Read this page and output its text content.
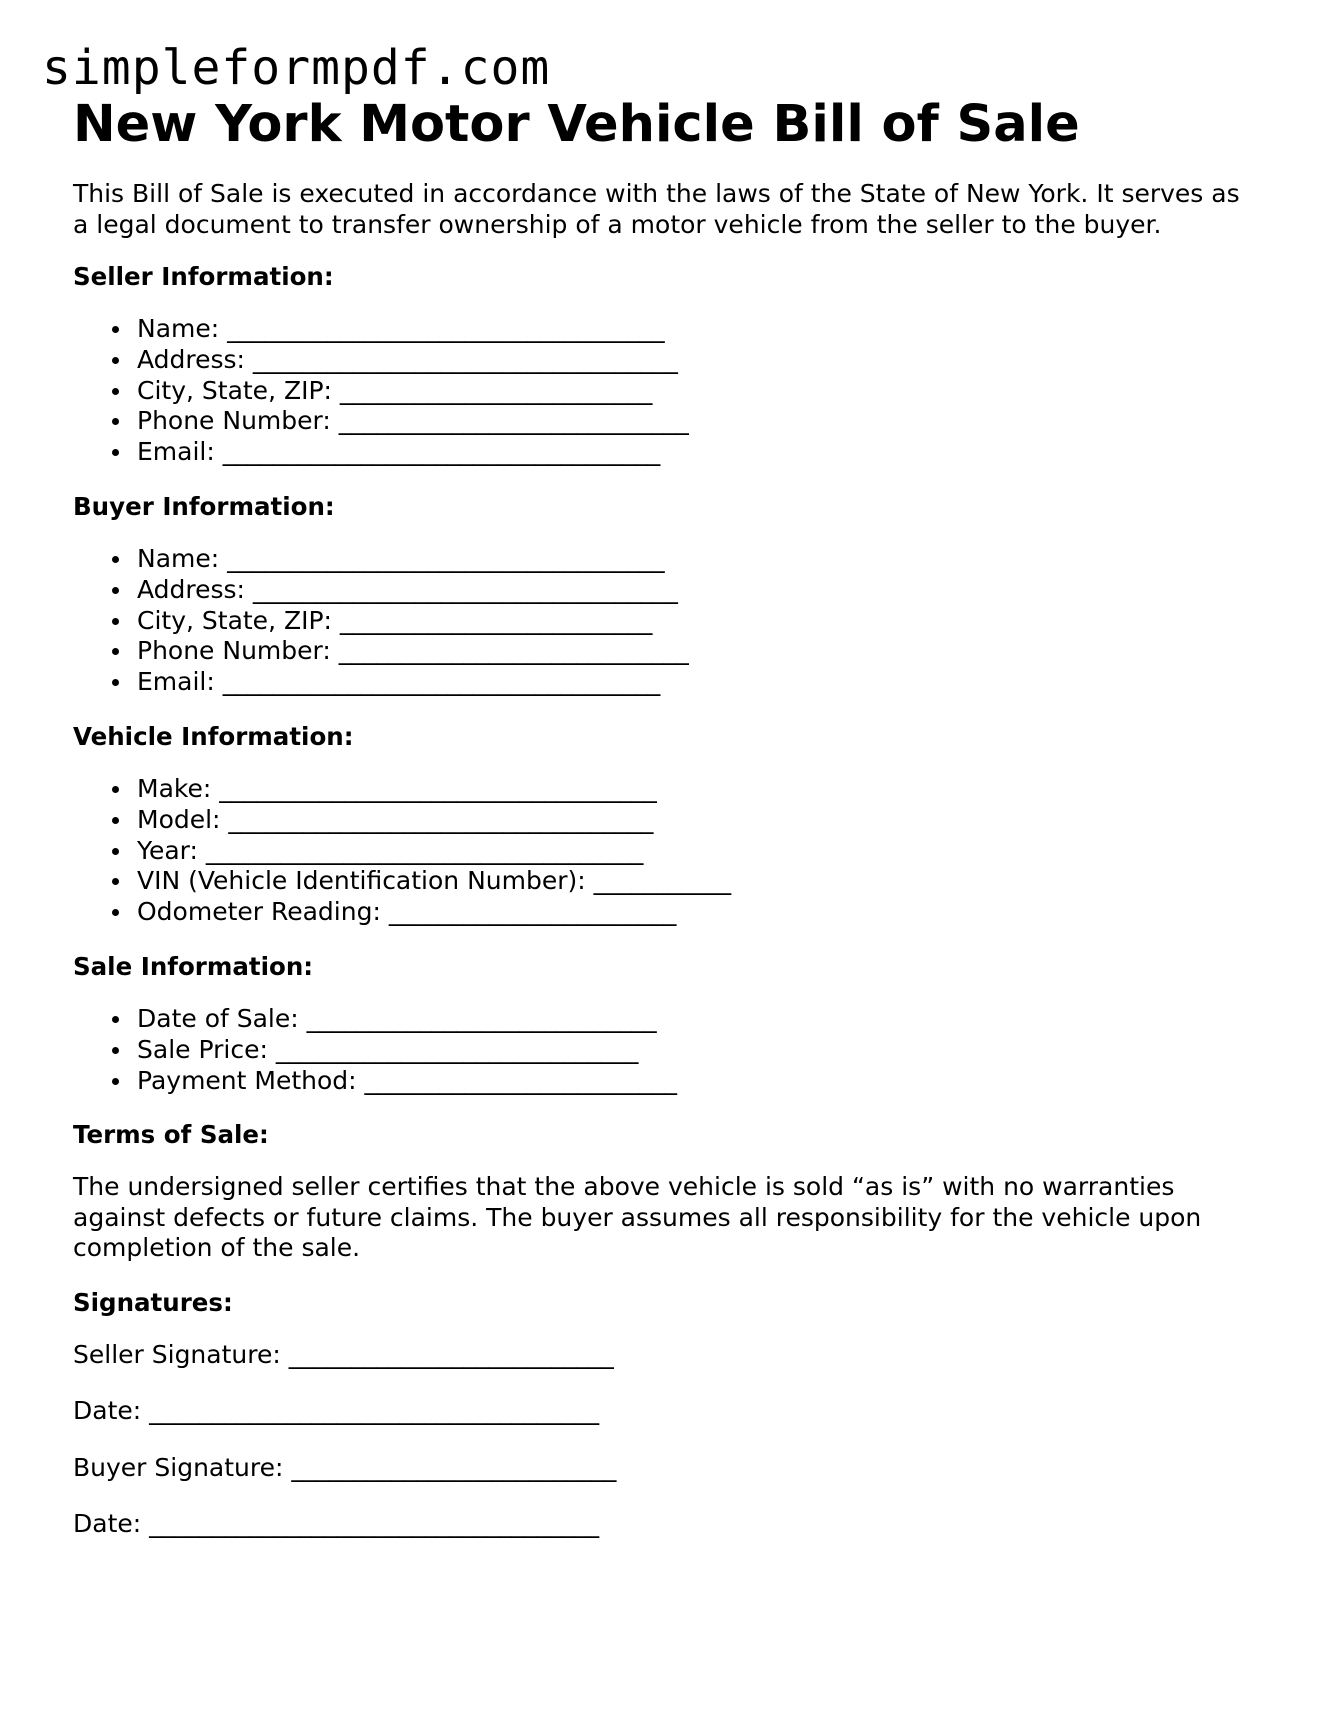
simpleformpdf.com
New York Motor Vehicle Bill of Sale

This Bill of Sale is executed in accordance with the laws of the State of New York. It serves as a legal document to transfer ownership of a motor vehicle from the seller to the buyer.

Seller Information:
Name: ___________________________________
Address: __________________________________
City, State, ZIP: _________________________
Phone Number: ____________________________
Email: ___________________________________
Buyer Information:
Name: ___________________________________
Address: __________________________________
City, State, ZIP: _________________________
Phone Number: ____________________________
Email: ___________________________________
Vehicle Information:
Make: ___________________________________
Model: __________________________________
Year: ___________________________________
VIN (Vehicle Identification Number): ___________
Odometer Reading: _______________________
Sale Information:
Date of Sale: ____________________________
Sale Price: _____________________________
Payment Method: _________________________
Terms of Sale:

The undersigned seller certifies that the above vehicle is sold “as is” with no warranties against defects or future claims. The buyer assumes all responsibility for the vehicle upon completion of the sale.

Signatures:
Seller Signature: __________________________
Date: ____________________________________
Buyer Signature: __________________________
Date: ____________________________________
